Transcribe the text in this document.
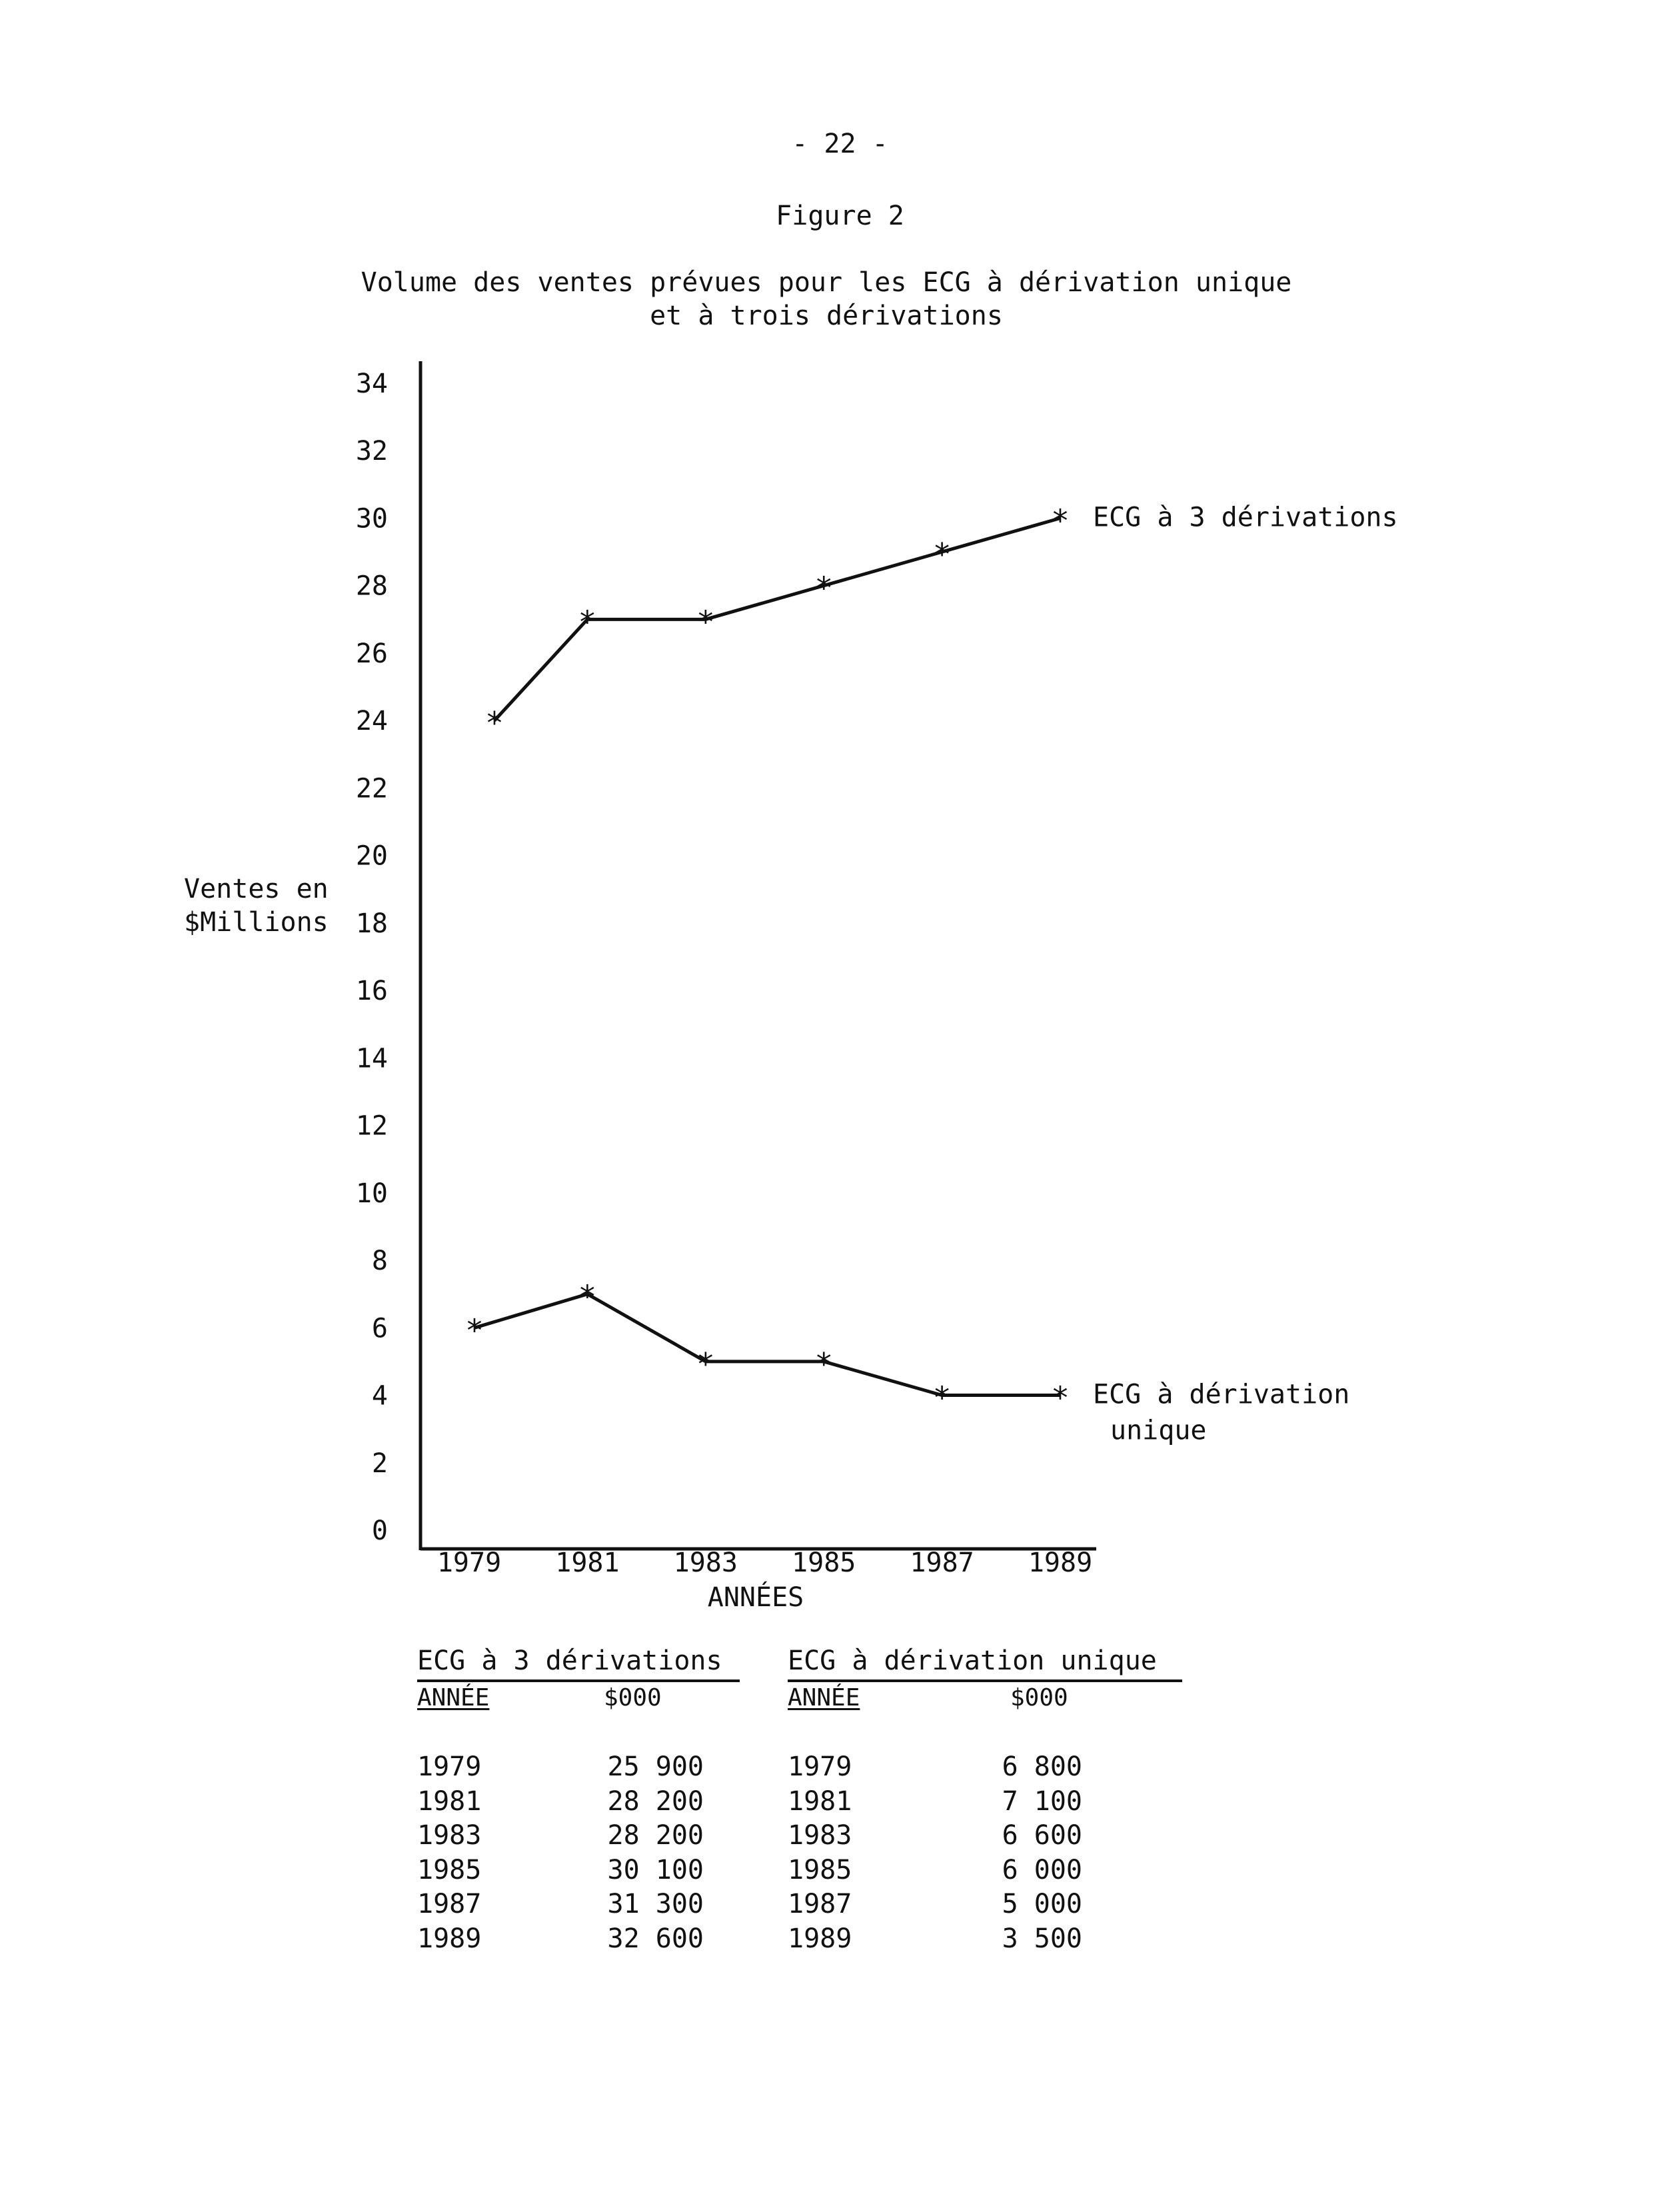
- 22 -
Figure 2
Volume des ventes prévues pour les ECG à dérivation unique
et à trois dérivations
Ventes en
$Millions
0
2
4
6
8
10
12
14
16
18
20
22
24
26
28
30
32
34
1979 1981 1983 1985 1987 1989
*
*	*
*
*
*
*
*
*	*
*	*
ECG à 3 dérivations
ECG à dérivation
unique
ANNÉES
ECG à 3 dérivations
ANNÉE	$000
1979	25 900
1981	28 200
1983	28 200
1985	30 100
1987	31 300
1989	32 600
ECG à dérivation unique
ANNÉE	$000
1979	6 800
1981	7 100
1983	6 600
1985	6 000
1987	5 000
1989	3 500
